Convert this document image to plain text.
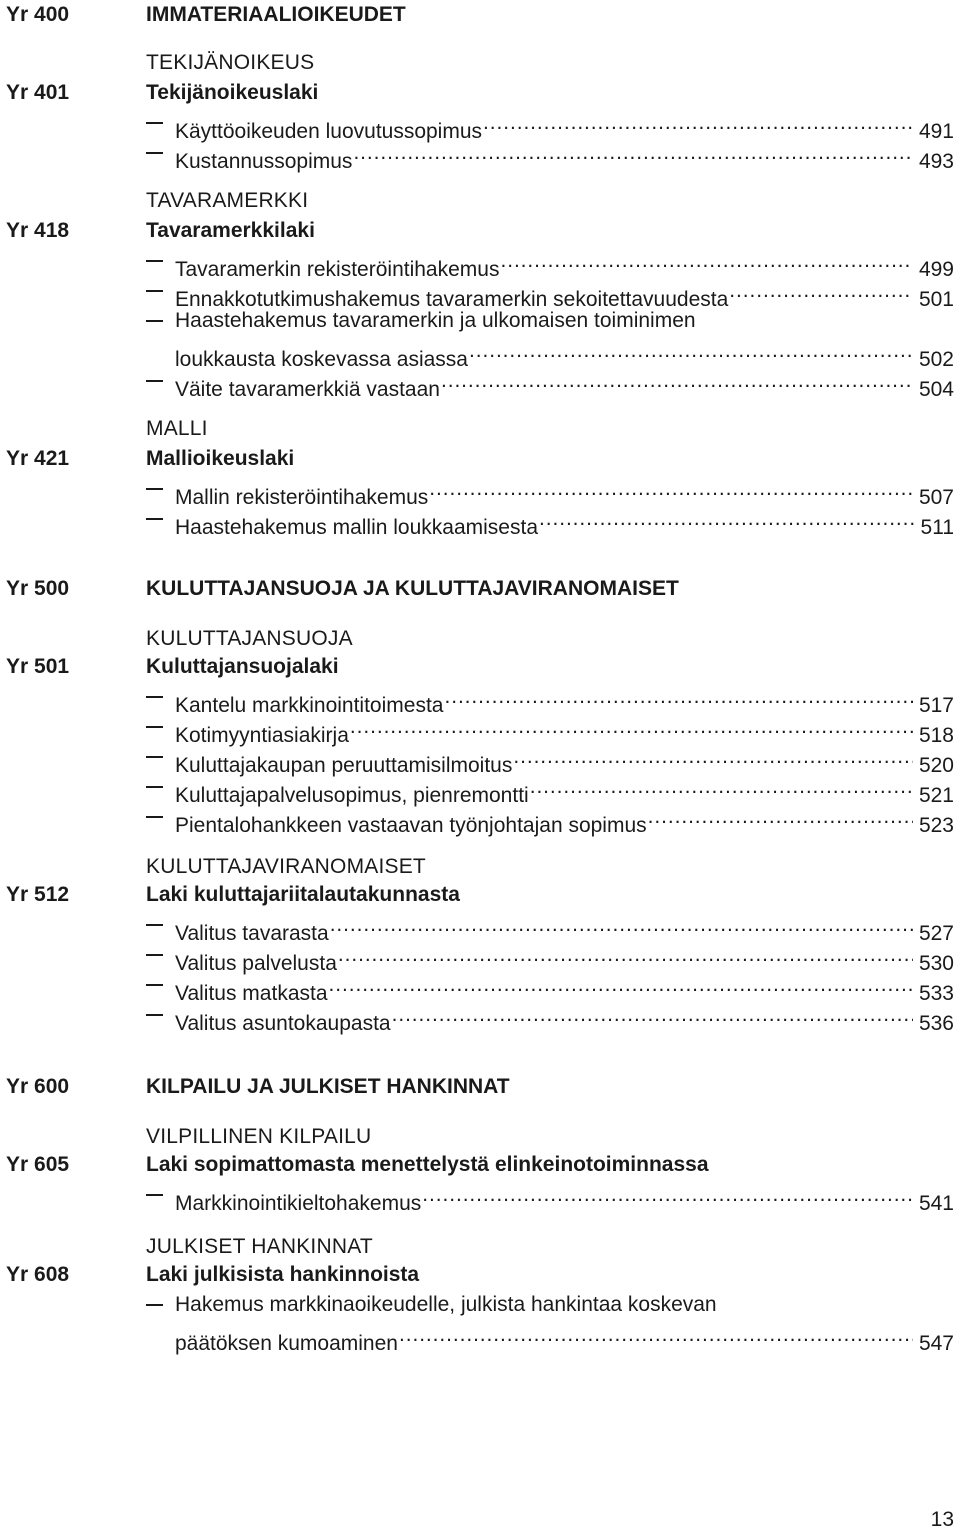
Yr 400	IMMATERIAALIOIKEUDET
TEKIJÄNOIKEUS
Yr 401	Tekijänoikeuslaki
Käyttöoikeuden luovutussopimus .....	491
Kustannussopimus .....	493
TAVARAMERKKI
Yr 418	Tavaramerkkilaki
Tavaramerkin rekisteröintihakemus .....	499
Ennakkotutkimushakemus tavaramerkin sekoitettavuudesta .....	501
Haastehakemus tavaramerkin ja ulkomaisen toiminimen
loukkausta koskevassa asiassa .....	502
Väite tavaramerkkiä vastaan .....	504
MALLI
Yr 421	Mallioikeuslaki
Mallin rekisteröintihakemus .....	507
Haastehakemus mallin loukkaamisesta .....	511
Yr 500	KULUTTAJANSUOJA JA KULUTTAJAVIRANOMAISET
KULUTTAJANSUOJA
Yr 501	Kuluttajansuojalaki
Kantelu markkinointitoimesta .....	517
Kotimyyntiasiakirja .....	518
Kuluttajakaupan peruuttamisilmoitus .....	520
Kuluttajapalvelusopimus, pienremontti .....	521
Pientalohankkeen vastaavan työnjohtajan sopimus .....	523
KULUTTAJAVIRANOMAISET
Yr 512	Laki kuluttajariitalautakunnasta
Valitus tavarasta .....	527
Valitus palvelusta .....	530
Valitus matkasta .....	533
Valitus asuntokaupasta .....	536
Yr 600	KILPAILU JA JULKISET HANKINNAT
VILPILLINEN KILPAILU
Yr 605	Laki sopimattomasta menettelystä elinkeinotoiminnassa
Markkinointikieltohakemus .....	541
JULKISET HANKINNAT
Yr 608	Laki julkisista hankinnoista
Hakemus markkinaoikeudelle, julkista hankintaa koskevan
päätöksen kumoaminen .....	547
13
